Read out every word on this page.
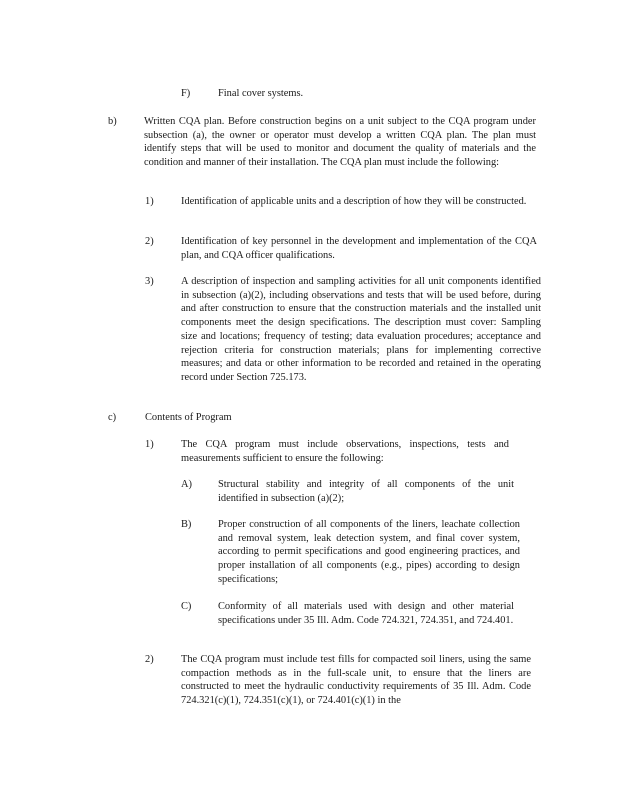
F)	Final cover systems.
b)	Written CQA plan. Before construction begins on a unit subject to the CQA program under subsection (a), the owner or operator must develop a written CQA plan. The plan must identify steps that will be used to monitor and document the quality of materials and the condition and manner of their installation. The CQA plan must include the following:
1)	Identification of applicable units and a description of how they will be constructed.
2)	Identification of key personnel in the development and implementation of the CQA plan, and CQA officer qualifications.
3)	A description of inspection and sampling activities for all unit components identified in subsection (a)(2), including observations and tests that will be used before, during and after construction to ensure that the construction materials and the installed unit components meet the design specifications. The description must cover: Sampling size and locations; frequency of testing; data evaluation procedures; acceptance and rejection criteria for construction materials; plans for implementing corrective measures; and data or other information to be recorded and retained in the operating record under Section 725.173.
c)	Contents of Program
1)	The CQA program must include observations, inspections, tests and measurements sufficient to ensure the following:
A)	Structural stability and integrity of all components of the unit identified in subsection (a)(2);
B)	Proper construction of all components of the liners, leachate collection and removal system, leak detection system, and final cover system, according to permit specifications and good engineering practices, and proper installation of all components (e.g., pipes) according to design specifications;
C)	Conformity of all materials used with design and other material specifications under 35 Ill. Adm. Code 724.321, 724.351, and 724.401.
2)	The CQA program must include test fills for compacted soil liners, using the same compaction methods as in the full-scale unit, to ensure that the liners are constructed to meet the hydraulic conductivity requirements of 35 Ill. Adm. Code 724.321(c)(1), 724.351(c)(1), or 724.401(c)(1) in the
